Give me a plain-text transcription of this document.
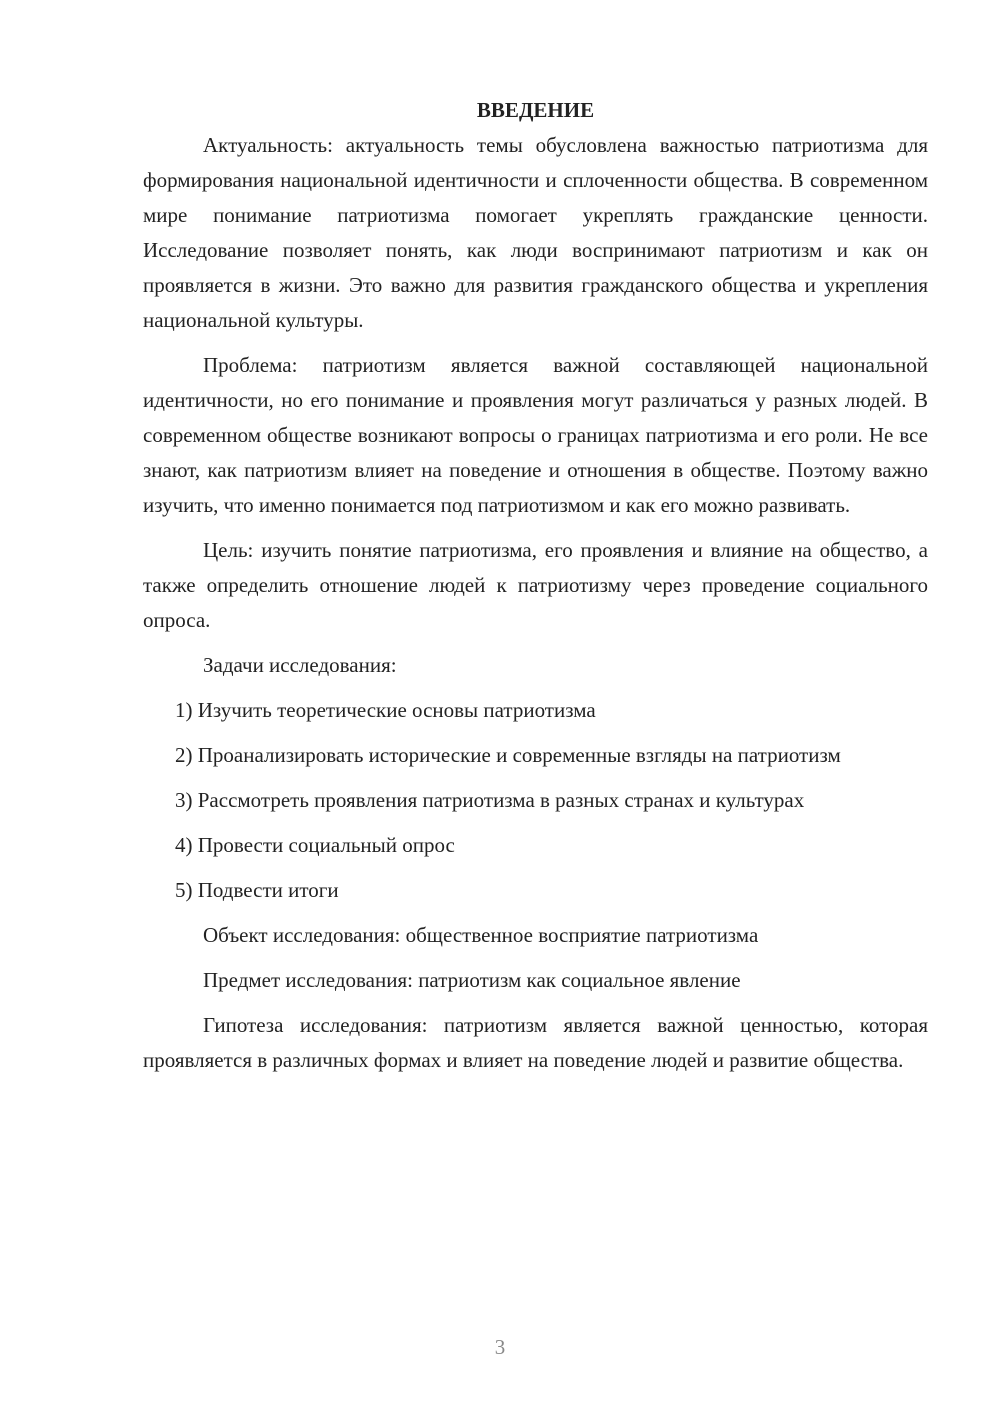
ВВЕДЕНИЕ

Актуальность: актуальность темы обусловлена важностью патриотизма для формирования национальной идентичности и сплоченности общества. В современном мире понимание патриотизма помогает укреплять гражданские ценности. Исследование позволяет понять, как люди воспринимают патриотизм и как он проявляется в жизни. Это важно для развития гражданского общества и укрепления национальной культуры.

Проблема: патриотизм является важной составляющей национальной идентичности, но его понимание и проявления могут различаться у разных людей. В современном обществе возникают вопросы о границах патриотизма и его роли. Не все знают, как патриотизм влияет на поведение и отношения в обществе. Поэтому важно изучить, что именно понимается под патриотизмом и как его можно развивать.

Цель: изучить понятие патриотизма, его проявления и влияние на общество, а также определить отношение людей к патриотизму через проведение социального опроса.

Задачи исследования:

1) Изучить теоретические основы патриотизма

2) Проанализировать исторические и современные взгляды на патриотизм

3) Рассмотреть проявления патриотизма в разных странах и культурах

4) Провести социальный опрос

5) Подвести итоги

Объект исследования: общественное восприятие патриотизма

Предмет исследования: патриотизм как социальное явление

Гипотеза исследования: патриотизм является важной ценностью, которая проявляется в различных формах и влияет на поведение людей и развитие общества.

3
